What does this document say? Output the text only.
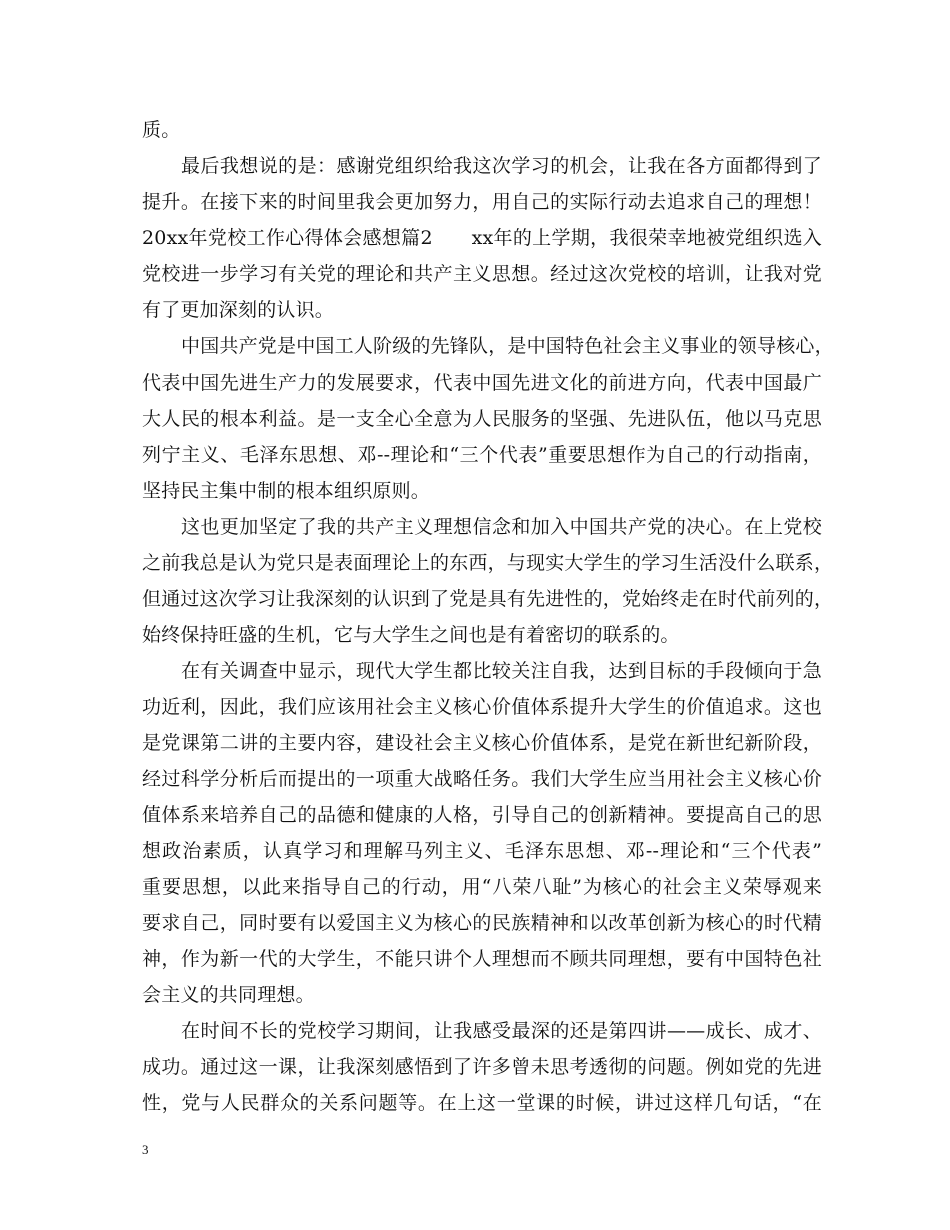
质。
最后我想说的是：感谢党组织给我这次学习的机会，让我在各方面都得到了
提升。在接下来的时间里我会更加努力，用自己的实际行动去追求自己的理想！
20xx年党校工作心得体会感想篇2　　xx年的上学期，我很荣幸地被党组织选入
党校进一步学习有关党的理论和共产主义思想。经过这次党校的培训，让我对党
有了更加深刻的认识。
中国共产党是中国工人阶级的先锋队，是中国特色社会主义事业的领导核心，
代表中国先进生产力的发展要求，代表中国先进文化的前进方向，代表中国最广
大人民的根本利益。是一支全心全意为人民服务的坚强、先进队伍，他以马克思
列宁主义、毛泽东思想、邓--理论和“三个代表”重要思想作为自己的行动指南，
坚持民主集中制的根本组织原则。
这也更加坚定了我的共产主义理想信念和加入中国共产党的决心。在上党校
之前我总是认为党只是表面理论上的东西，与现实大学生的学习生活没什么联系，
但通过这次学习让我深刻的认识到了党是具有先进性的，党始终走在时代前列的，
始终保持旺盛的生机，它与大学生之间也是有着密切的联系的。
在有关调查中显示，现代大学生都比较关注自我，达到目标的手段倾向于急
功近利，因此，我们应该用社会主义核心价值体系提升大学生的价值追求。这也
是党课第二讲的主要内容，建设社会主义核心价值体系，是党在新世纪新阶段，
经过科学分析后而提出的一项重大战略任务。我们大学生应当用社会主义核心价
值体系来培养自己的品德和健康的人格，引导自己的创新精神。要提高自己的思
想政治素质，认真学习和理解马列主义、毛泽东思想、邓--理论和“三个代表”
重要思想，以此来指导自己的行动，用“八荣八耻”为核心的社会主义荣辱观来
要求自己，同时要有以爱国主义为核心的民族精神和以改革创新为核心的时代精
神，作为新一代的大学生，不能只讲个人理想而不顾共同理想，要有中国特色社
会主义的共同理想。
在时间不长的党校学习期间，让我感受最深的还是第四讲——成长、成才、
成功。通过这一课，让我深刻感悟到了许多曾未思考透彻的问题。例如党的先进
性，党与人民群众的关系问题等。在上这一堂课的时候，讲过这样几句话，“在
3
